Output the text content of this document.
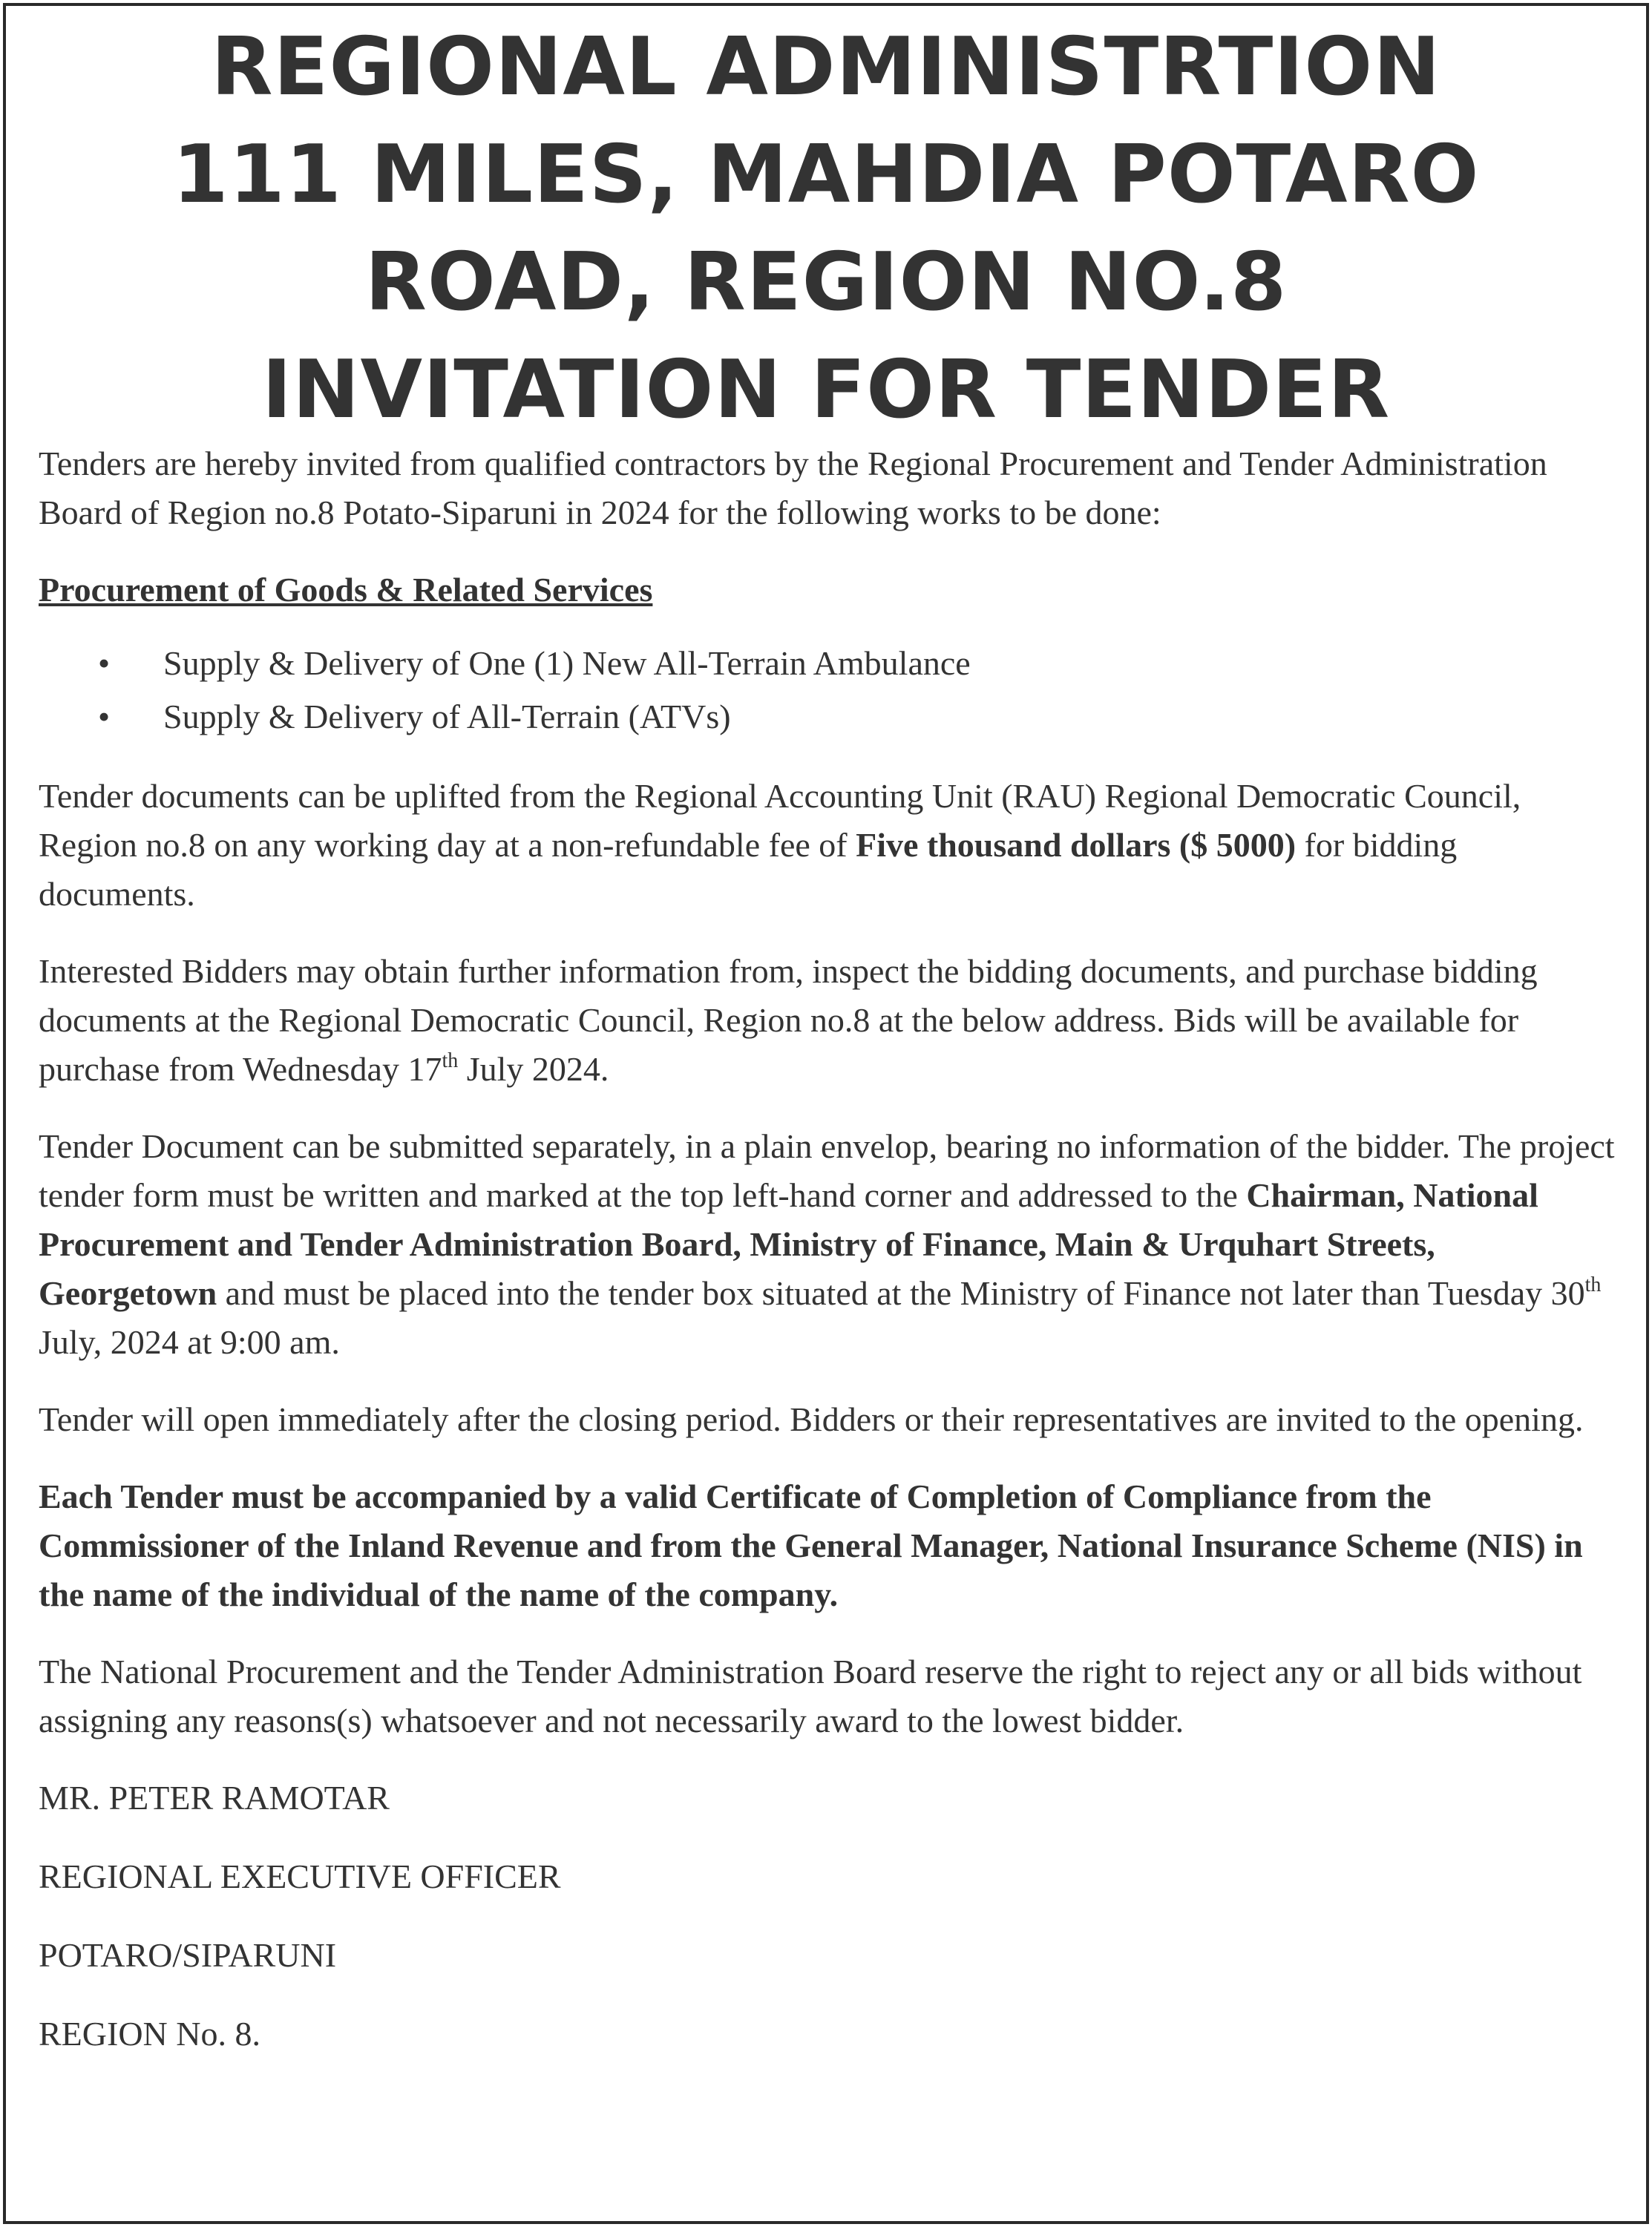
REGIONAL ADMINISTRTION
111 MILES, MAHDIA POTARO
ROAD, REGION NO.8
INVITATION FOR TENDER

Tenders are hereby invited from qualified contractors by the Regional Procurement and Tender Administration Board of Region no.8 Potato-Siparuni in 2024 for the following works to be done:

Procurement of Goods & Related Services

• Supply & Delivery of One (1) New All-Terrain Ambulance
• Supply & Delivery of All-Terrain (ATVs)

Tender documents can be uplifted from the Regional Accounting Unit (RAU) Regional Democratic Council, Region no.8 on any working day at a non-refundable fee of Five thousand dollars ($ 5000) for bidding documents.

Interested Bidders may obtain further information from, inspect the bidding documents, and purchase bidding documents at the Regional Democratic Council, Region no.8 at the below address. Bids will be available for purchase from Wednesday 17th July 2024.

Tender Document can be submitted separately, in a plain envelop, bearing no information of the bidder. The project tender form must be written and marked at the top left-hand corner and addressed to the Chairman, National Procurement and Tender Administration Board, Ministry of Finance, Main & Urquhart Streets, Georgetown and must be placed into the tender box situated at the Ministry of Finance not later than Tuesday 30th July, 2024 at 9:00 am.

Tender will open immediately after the closing period. Bidders or their representatives are invited to the opening.

Each Tender must be accompanied by a valid Certificate of Completion of Compliance from the Commissioner of the Inland Revenue and from the General Manager, National Insurance Scheme (NIS) in the name of the individual of the name of the company.

The National Procurement and the Tender Administration Board reserve the right to reject any or all bids without assigning any reasons(s) whatsoever and not necessarily award to the lowest bidder.

MR. PETER RAMOTAR

REGIONAL EXECUTIVE OFFICER

POTARO/SIPARUNI

REGION No. 8.
